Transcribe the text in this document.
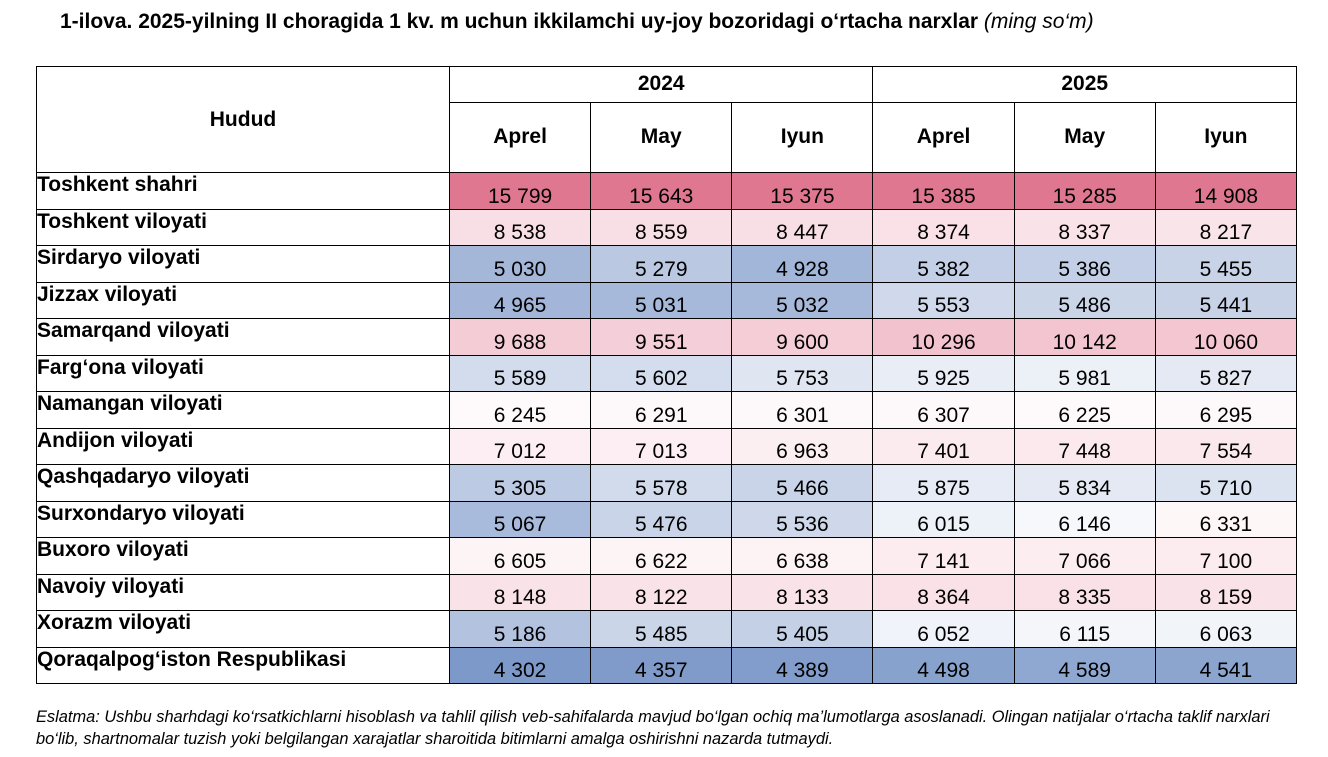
1-ilova. 2025-yilning II choragida 1 kv. m uchun ikkilamchi uy-joy bozoridagi o‘rtacha narxlar (ming so‘m)
Hudud	2024			2025		
	Aprel	May	Iyun	Aprel	May	Iyun
Toshkent shahri	15 799	15 643	15 375	15 385	15 285	14 908
Toshkent viloyati	8 538	8 559	8 447	8 374	8 337	8 217
Sirdaryo viloyati	5 030	5 279	4 928	5 382	5 386	5 455
Jizzax viloyati	4 965	5 031	5 032	5 553	5 486	5 441
Samarqand viloyati	9 688	9 551	9 600	10 296	10 142	10 060
Farg‘ona viloyati	5 589	5 602	5 753	5 925	5 981	5 827
Namangan viloyati	6 245	6 291	6 301	6 307	6 225	6 295
Andijon viloyati	7 012	7 013	6 963	7 401	7 448	7 554
Qashqadaryo viloyati	5 305	5 578	5 466	5 875	5 834	5 710
Surxondaryo viloyati	5 067	5 476	5 536	6 015	6 146	6 331
Buxoro viloyati	6 605	6 622	6 638	7 141	7 066	7 100
Navoiy viloyati	8 148	8 122	8 133	8 364	8 335	8 159
Xorazm viloyati	5 186	5 485	5 405	6 052	6 115	6 063
Qoraqalpog‘iston Respublikasi	4 302	4 357	4 389	4 498	4 589	4 541
Eslatma: Ushbu sharhdagi ko‘rsatkichlarni hisoblash va tahlil qilish veb-sahifalarda mavjud bo‘lgan ochiq ma’lumotlarga asoslanadi. Olingan natijalar o‘rtacha taklif narxlari bo‘lib, shartnomalar tuzish yoki belgilangan xarajatlar sharoitida bitimlarni amalga oshirishni nazarda tutmaydi.
